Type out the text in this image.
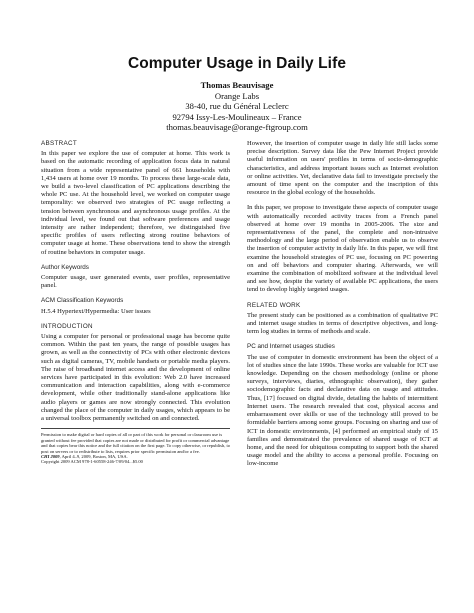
Computer Usage in Daily Life
Thomas Beauvisage
Orange Labs
38-40, rue du Général Leclerc
92794 Issy-Les-Moulineaux – France
thomas.beauvisage@orange-ftgroup.com
ABSTRACT

In this paper we explore the use of computer at home. This work is based on the automatic recording of application focus data in natural situation from a wide representative panel of 661 households with 1,434 users at home over 19 months. To process these large-scale data, we build a two-level classification of PC applications describing the whole PC use. At the household level, we worked on computer usage temporality: we observed two strategies of PC usage reflecting a tension between synchronous and asynchronous usage profiles. At the individual level, we found out that software preferences and usage intensity are rather independent; therefore, we distinguished five specific profiles of users reflecting strong routine behaviors of computer usage at home. These observations tend to show the strength of routine behaviors in computer usage.

Author Keywords

Computer usage, user generated events, user profiles, representative panel.

ACM Classification Keywords

H.5.4 Hypertext/Hypermedia: User issues

INTRODUCTION

Using a computer for personal or professional usage has become quite common. Within the past ten years, the range of possible usages has grown, as well as the connectivity of PCs with other electronic devices such as digital cameras, TV, mobile handsets or portable media players. The raise of broadband internet access and the development of online services have participated in this evolution: Web 2.0 have increased communication and interaction capabilities, along with e-commerce development, while other traditionally stand-alone applications like audio players or games are now strongly connected. This evolution changed the place of the computer in daily usages, which appears to be a universal toolbox permanently switched on and connected.

Permission to make digital or hard copies of all or part of this work for personal or classroom use is granted without fee provided that copies are not made or distributed for profit or commercial advantage and that copies bear this notice and the full citation on the first page. To copy otherwise, or republish, to post on servers or to redistribute to lists, requires prior specific permission and/or a fee.
CHI 2009, April 4–9, 2009, Boston, MA, USA.
Copyright 2009 ACM 978-1-60558-246-7/09/04...$5.00

However, the insertion of computer usage in daily life still lacks some precise description. Survey data like the Pew Internet Project provide useful information on users' profiles in terms of socio-demographic characteristics, and address important issues such as Internet evolution or online activities. Yet, declarative data fail to investigate precisely the amount of time spent on the computer and the inscription of this resource in the global ecology of the households.

In this paper, we propose to investigate these aspects of computer usage with automatically recorded activity traces from a French panel observed at home over 19 months in 2005-2006. The size and representativeness of the panel, the complete and non-intrusive methodology and the large period of observation enable us to observe the insertion of computer activity in daily life. In this paper, we will first examine the household strategies of PC use, focusing on PC powering on and off behaviors and computer sharing. Afterwards, we will examine the combination of mobilized software at the individual level and see how, despite the variety of available PC applications, the users tend to develop highly targeted usages.

RELATED WORK

The present study can be positioned as a combination of qualitative PC and internet usage studies in terms of descriptive objectives, and long-term log studies in terms of methods and scale.

PC and Internet usages studies

The use of computer in domestic environment has been the object of a lot of studies since the late 1990s. These works are valuable for ICT use knowledge. Depending on the chosen methodology (online or phone surveys, interviews, diaries, ethnographic observation), they gather sociodemographic facts and declarative data on usage and attitudes. Thus, [17] focused on digital divide, detailing the habits of intermittent Internet users. The research revealed that cost, physical access and embarrassment over skills or use of the technology still proved to be formidable barriers among some groups. Focusing on sharing and use of ICT in domestic environments, [4] performed an empirical study of 15 families and demonstrated the prevalence of shared usage of ICT at home, and the need for ubiquitous computing to support both the shared usage model and the ability to access a personal profile. Focusing on low-income
